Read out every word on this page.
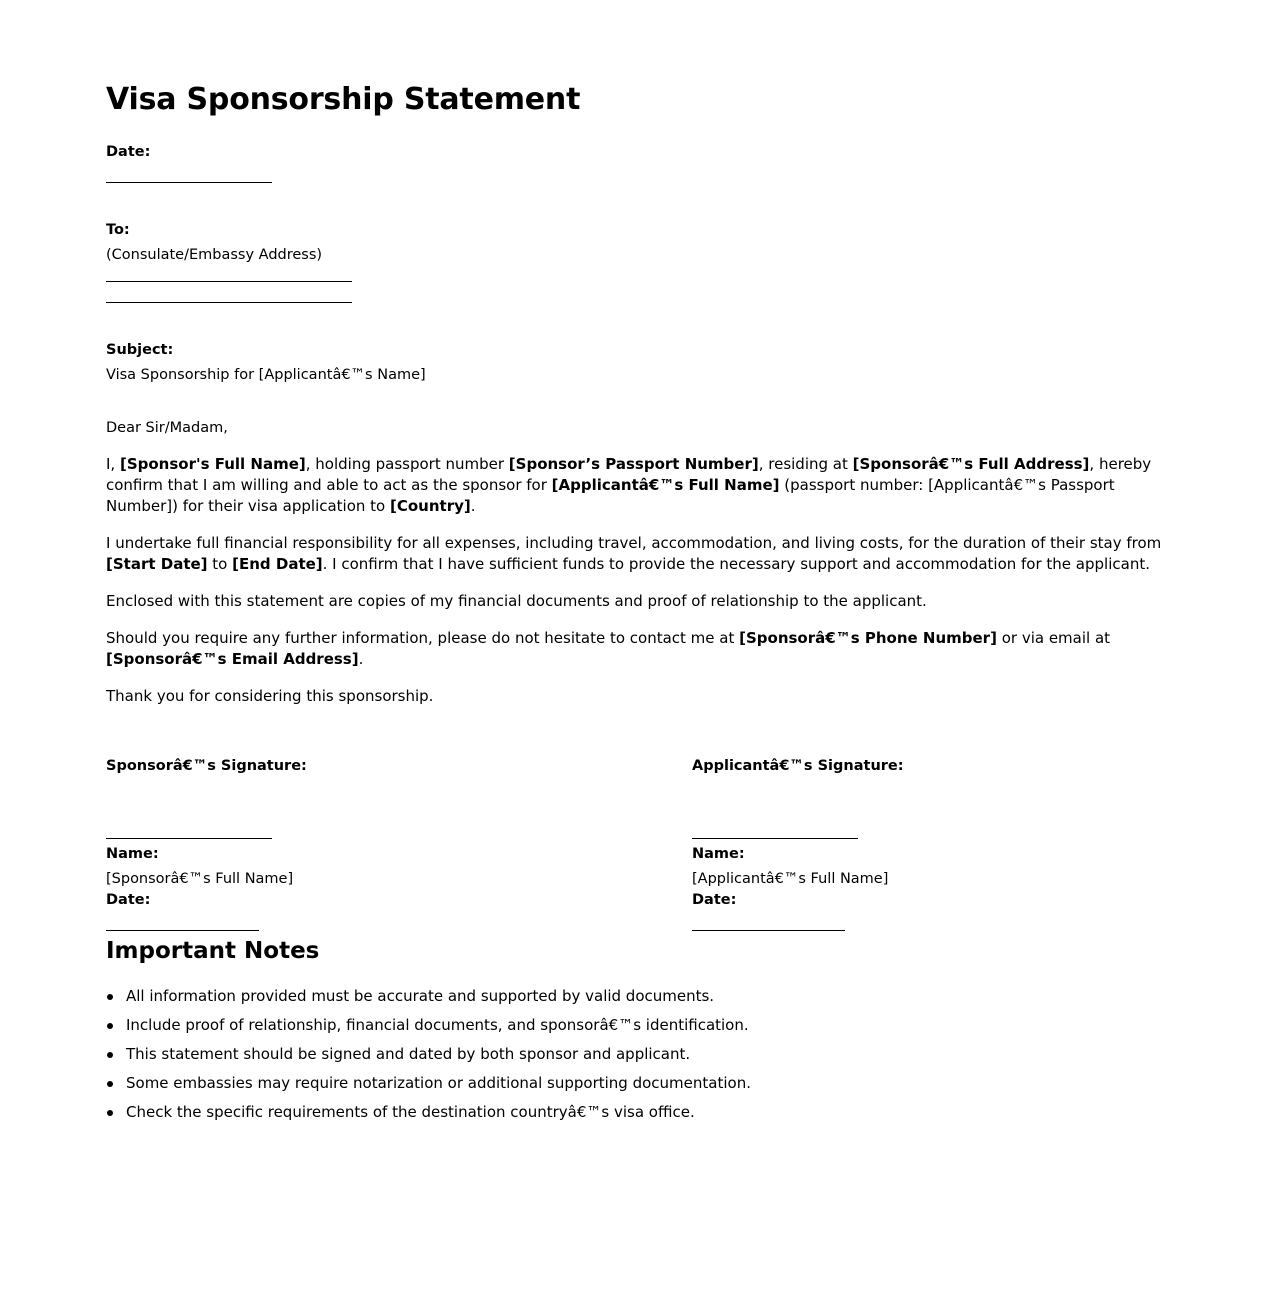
Visa Sponsorship Statement
Date:
To:
(Consulate/Embassy Address)
Subject:
Visa Sponsorship for [Applicantâ€™s Name]
Dear Sir/Madam,

I, [Sponsor's Full Name], holding passport number [Sponsor’s Passport Number], residing at [Sponsorâ€™s Full Address], hereby confirm that I am willing and able to act as the sponsor for [Applicantâ€™s Full Name] (passport number: [Applicantâ€™s Passport Number]) for their visa application to [Country].

I undertake full financial responsibility for all expenses, including travel, accommodation, and living costs, for the duration of their stay from [Start Date] to [End Date]. I confirm that I have sufficient funds to provide the necessary support and accommodation for the applicant.

Enclosed with this statement are copies of my financial documents and proof of relationship to the applicant.

Should you require any further information, please do not hesitate to contact me at [Sponsorâ€™s Phone Number] or via email at [Sponsorâ€™s Email Address].

Thank you for considering this sponsorship.

Sponsorâ€™s Signature:
Name:
[Sponsorâ€™s Full Name]
Date:
Applicantâ€™s Signature:
Name:
[Applicantâ€™s Full Name]
Date:
Important Notes
All information provided must be accurate and supported by valid documents.
Include proof of relationship, financial documents, and sponsorâ€™s identification.
This statement should be signed and dated by both sponsor and applicant.
Some embassies may require notarization or additional supporting documentation.
Check the specific requirements of the destination countryâ€™s visa office.
